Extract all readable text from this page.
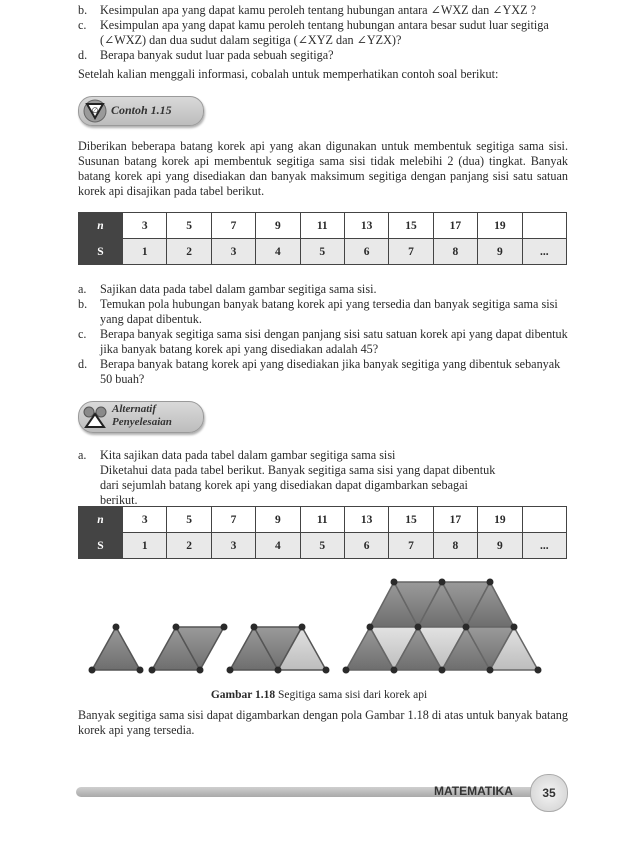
b. Kesimpulan apa yang dapat kamu peroleh tentang hubungan antara ∠WXZ dan ∠YXZ ?
c. Kesimpulan apa yang dapat kamu peroleh tentang hubungan antara besar sudut luar segitiga (∠WXZ) dan dua sudut dalam segitiga (∠XYZ dan ∠YZX)?
d. Berapa banyak sudut luar pada sebuah segitiga?
Setelah kalian menggali informasi, cobalah untuk memperhatikan contoh soal berikut:
∅ Contoh 1.15
Diberikan beberapa batang korek api yang akan digunakan untuk membentuk segitiga sama sisi. Susunan batang korek api membentuk segitiga sama sisi tidak melebihi 2 (dua) tingkat. Banyak batang korek api yang disediakan dan banyak maksimum segitiga dengan panjang sisi satu satuan korek api disajikan pada tabel berikut.
n	3	5	7	9	11	13	15	17	19	
S	1	2	3	4	5	6	7	8	9	...
a. Sajikan data pada tabel dalam gambar segitiga sama sisi.
b. Temukan pola hubungan banyak batang korek api yang tersedia dan banyak segitiga sama sisi yang dapat dibentuk.
c. Berapa banyak segitiga sama sisi dengan panjang sisi satu satuan korek api yang dapat dibentuk jika banyak batang korek api yang disediakan adalah 45?
d. Berapa banyak batang korek api yang disediakan jika banyak segitiga yang dibentuk sebanyak 50 buah?
Alternatif
Penyelesaian
a. Kita sajikan data pada tabel dalam gambar segitiga sama sisi
Diketahui data pada tabel berikut. Banyak segitiga sama sisi yang dapat dibentuk dari sejumlah batang korek api yang disediakan dapat digambarkan sebagai berikut.
n	3	5	7	9	11	13	15	17	19	
S	1	2	3	4	5	6	7	8	9	...
Gambar 1.18 Segitiga sama sisi dari korek api
Banyak segitiga sama sisi dapat digambarkan dengan pola Gambar 1.18 di atas untuk banyak batang korek api yang tersedia.
MATEMATIKA	35
